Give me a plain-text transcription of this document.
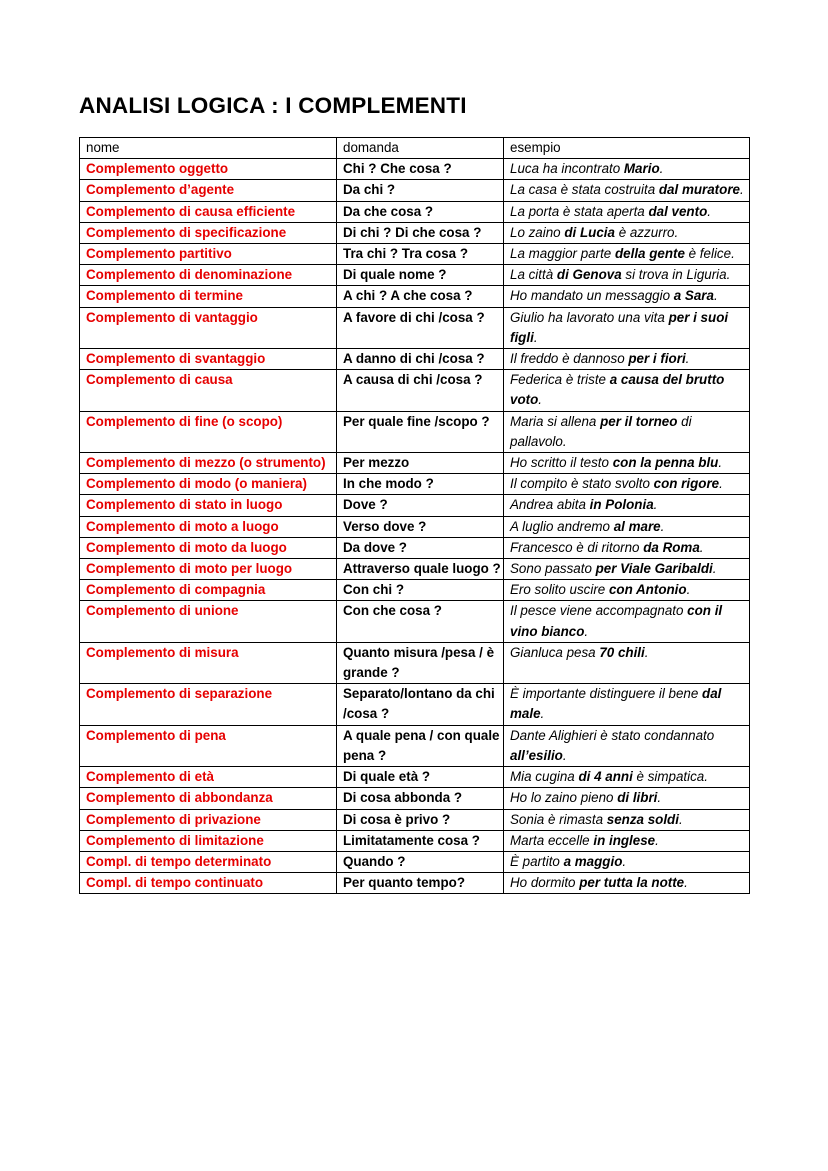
ANALISI LOGICA : I COMPLEMENTI
nome	domanda	esempio
Complemento oggetto	Chi ? Che cosa ?	Luca ha incontrato Mario.
Complemento d’agente	Da chi ?	La casa è stata costruita dal muratore.
Complemento di causa efficiente	Da che cosa ?	La porta è stata aperta dal vento.
Complemento di specificazione	Di chi ? Di che cosa ?	Lo zaino di Lucia è azzurro.
Complemento partitivo	Tra chi ? Tra cosa ?	La maggior parte della gente è felice.
Complemento di denominazione	Di quale nome ?	La città di Genova si trova in Liguria.
Complemento di termine	A chi ? A che cosa ?	Ho mandato un messaggio a Sara.
Complemento di vantaggio	A favore di chi /cosa ?	Giulio ha lavorato una vita per i suoi figli.
Complemento di svantaggio	A danno di chi /cosa ?	Il freddo è dannoso per i fiori.
Complemento di causa	A causa di chi /cosa ?	Federica è triste a causa del brutto voto.
Complemento di fine (o scopo)	Per quale fine /scopo ?	Maria si allena per il torneo di pallavolo.
Complemento di mezzo (o strumento)	Per mezzo	Ho scritto il testo con la penna blu.
Complemento di modo (o maniera)	In che modo ?	Il compito è stato svolto con rigore.
Complemento di stato in luogo	Dove ?	Andrea abita in Polonia.
Complemento di moto a luogo	Verso dove ?	A luglio andremo al mare.
Complemento di moto da luogo	Da dove ?	Francesco è di ritorno da Roma.
Complemento di moto per luogo	Attraverso quale luogo ?	Sono passato per Viale Garibaldi.
Complemento di compagnia	Con chi ?	Ero solito uscire con Antonio.
Complemento di unione	Con che cosa ?	Il pesce viene accompagnato con il vino bianco.
Complemento di misura	Quanto misura /pesa / è grande ?	Gianluca pesa 70 chili.
Complemento di separazione	Separato/lontano da chi /cosa ?	È importante distinguere il bene dal male.
Complemento di pena	A quale pena / con quale pena ?	Dante Alighieri è stato condannato all’esilio.
Complemento di età	Di quale età ?	Mia cugina di 4 anni è simpatica.
Complemento di abbondanza	Di cosa abbonda ?	Ho lo zaino pieno di libri.
Complemento di privazione	Di cosa è privo ?	Sonia è rimasta senza soldi.
Complemento di limitazione	Limitatamente cosa ?	Marta eccelle in inglese.
Compl. di tempo determinato	Quando ?	È partito a maggio.
Compl. di tempo continuato	Per quanto tempo?	Ho dormito per tutta la notte.
